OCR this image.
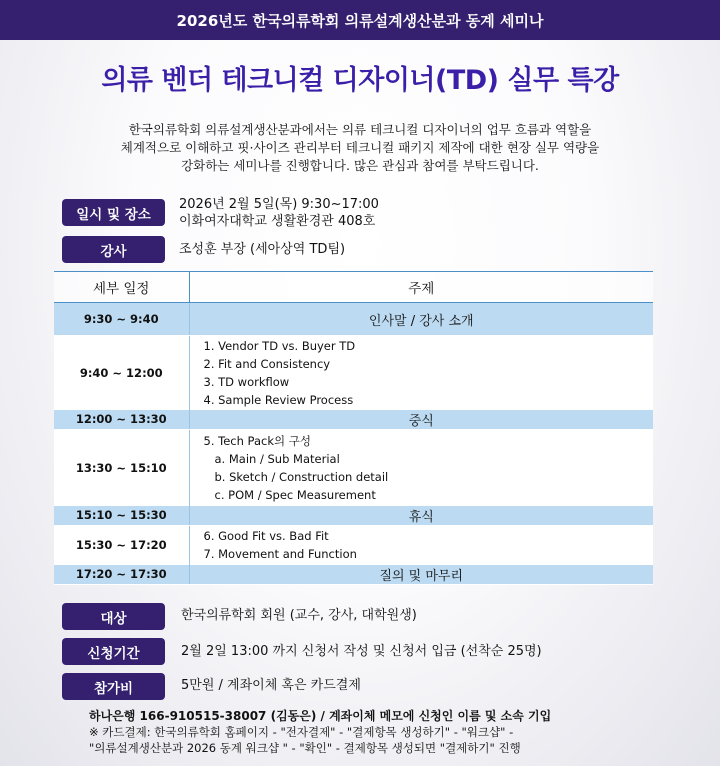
2026년도 한국의류학회 의류설계생산분과 동계 세미나
의류 벤더 테크니컬 디자이너(TD) 실무 특강
한국의류학회 의류설계생산분과에서는 의류 테크니컬 디자이너의 업무 흐름과 역할을
체계적으로 이해하고 핏·사이즈 관리부터 테크니컬 패키지 제작에 대한 현장 실무 역량을
강화하는 세미나를 진행합니다. 많은 관심과 참여를 부탁드립니다.
일시 및 장소
2026년 2월 5일(목) 9:30~17:00
이화여자대학교 생활환경관 408호
강사	조성훈 부장 (세아상역 TD팀)
세부 일정	주제
9:30 ~ 9:40	인사말 / 강사 소개
9:40 ~ 12:00	1. Vendor TD vs. Buyer TD
2. Fit and Consistency
3. TD workflow
4. Sample Review Process

12:00 ~ 13:30	중식
13:30 ~ 15:10	5. Tech Pack의 구성
a. Main / Sub Material
b. Sketch / Construction detail
c. POM / Spec Measurement

15:10 ~ 15:30	휴식
15:30 ~ 17:20	6. Good Fit vs. Bad Fit
7. Movement and Function

17:20 ~ 17:30	질의 및 마무리
대상	한국의류학회 회원 (교수, 강사, 대학원생)
신청기간	2월 2일 13:00 까지 신청서 작성 및 신청서 입금 (선착순 25명)
참가비	5만원 / 계좌이체 혹은 카드결제
하나은행 166-910515-38007 (김동은) / 계좌이체 메모에 신청인 이름 및 소속 기입
※ 카드결제: 한국의류학회 홈페이지 - "전자결제" - "결제항목 생성하기" - "워크샵" -
"의류설계생산분과 2026 동계 워크샵 " - "확인" - 결제항목 생성되면 "결제하기" 진행
